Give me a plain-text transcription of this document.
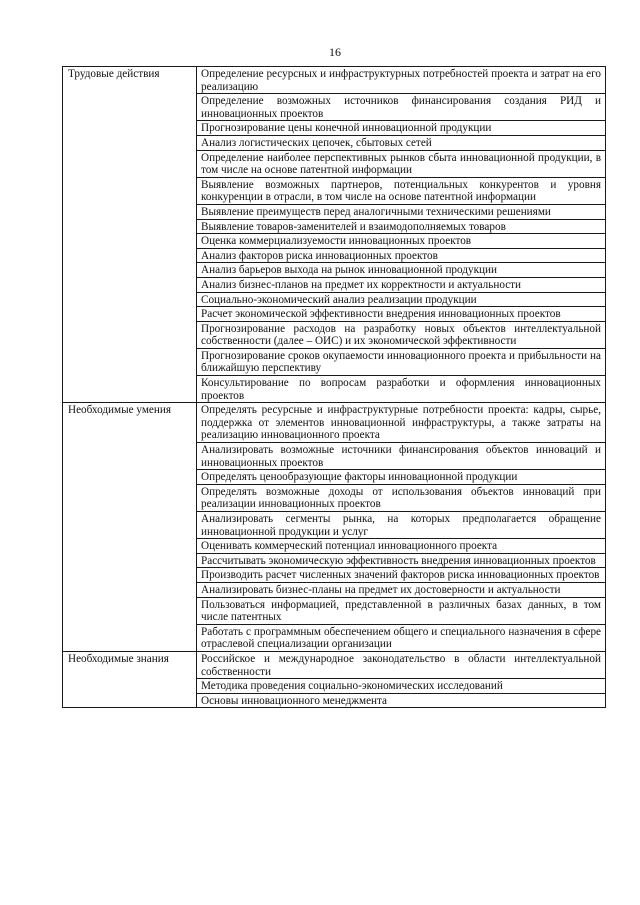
16
Трудовые действия	Определение ресурсных и инфраструктурных потребностей проекта и затрат на его реализацию
	Определение возможных источников финансирования создания РИД и инновационных проектов
	Прогнозирование цены конечной инновационной продукции
	Анализ логистических цепочек, сбытовых сетей
	Определение наиболее перспективных рынков сбыта инновационной продукции, в том числе на основе патентной информации
	Выявление возможных партнеров, потенциальных конкурентов и уровня конкуренции в отрасли, в том числе на основе патентной информации
	Выявление преимуществ перед аналогичными техническими решениями
	Выявление товаров-заменителей и взаимодополняемых товаров
	Оценка коммерциализуемости инновационных проектов
	Анализ факторов риска инновационных проектов
	Анализ барьеров выхода на рынок инновационной продукции
	Анализ бизнес-планов на предмет их корректности и актуальности
	Социально-экономический анализ реализации продукции
	Расчет экономической эффективности внедрения инновационных проектов
	Прогнозирование расходов на разработку новых объектов интеллектуальной собственности (далее – ОИС) и их экономической эффективности
	Прогнозирование сроков окупаемости инновационного проекта и прибыльности на ближайшую перспективу
	Консультирование по вопросам разработки и оформления инновационных проектов
Необходимые умения	Определять ресурсные и инфраструктурные потребности проекта: кадры, сырье, поддержка от элементов инновационной инфраструктуры, а также затраты на реализацию инновационного проекта
	Анализировать возможные источники финансирования объектов инноваций и инновационных проектов
	Определять ценообразующие факторы инновационной продукции
	Определять возможные доходы от использования объектов инноваций при реализации инновационных проектов
	Анализировать сегменты рынка, на которых предполагается обращение инновационной продукции и услуг
	Оценивать коммерческий потенциал инновационного проекта
	Рассчитывать экономическую эффективность внедрения инновационных проектов
	Производить расчет численных значений факторов риска инновационных проектов
	Анализировать бизнес-планы на предмет их достоверности и актуальности
	Пользоваться информацией, представленной в различных базах данных, в том числе патентных
	Работать с программным обеспечением общего и специального назначения в сфере отраслевой специализации организации
Необходимые знания	Российское и международное законодательство в области интеллектуальной собственности
	Методика проведения социально-экономических исследований
	Основы инновационного менеджмента
